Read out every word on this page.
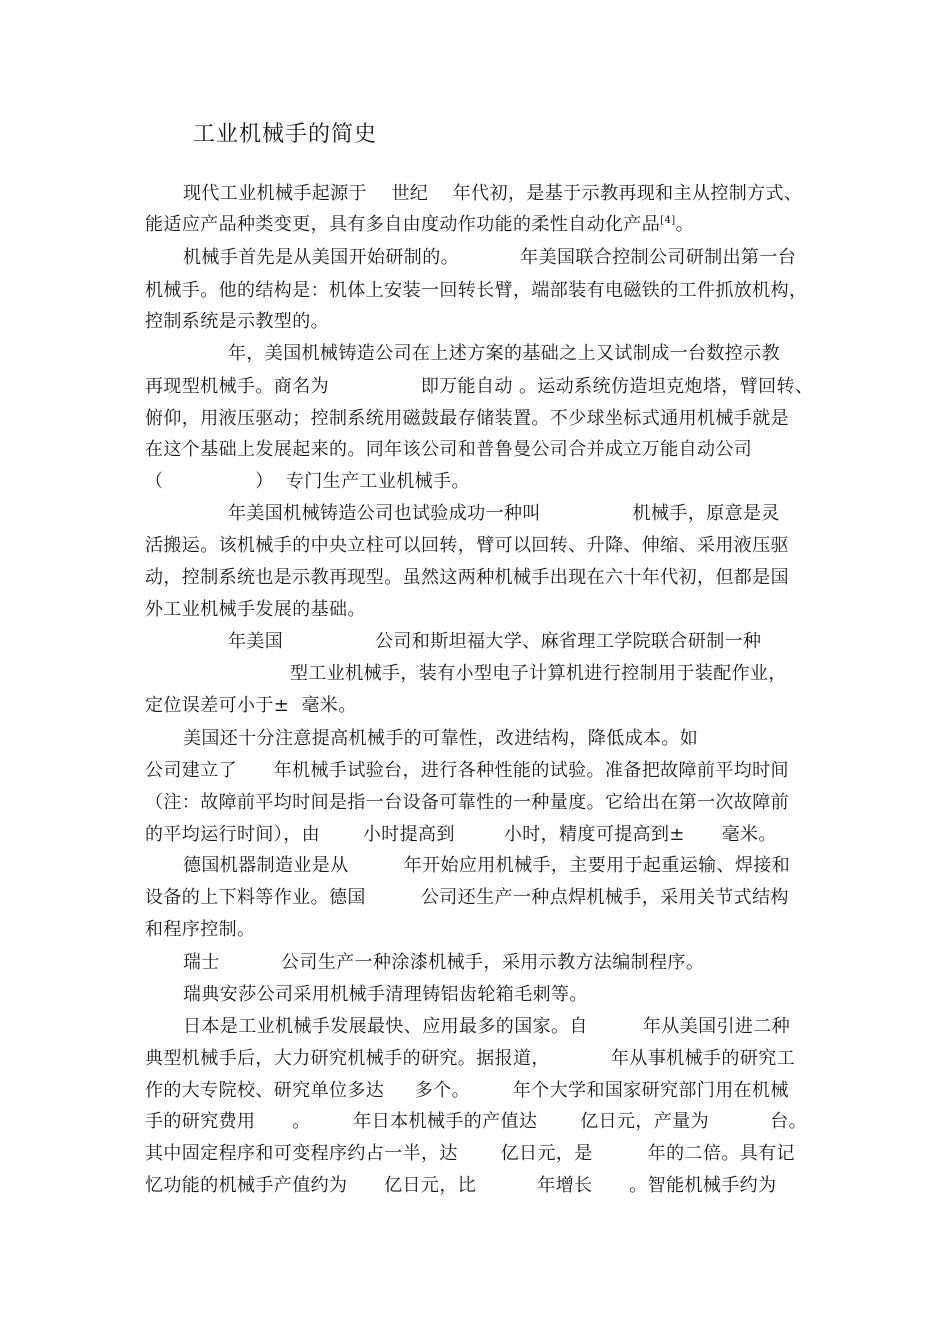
工业机械手的简史
现代工业机械手起源于    世纪    年代初，是基于示教再现和主从控制方式、
能适应产品种类变更，具有多自由度动作功能的柔性自动化产品[4]。
机械手首先是从美国开始研制的。          年美国联合控制公司研制出第一台
机械手。他的结构是：机体上安装一回转长臂，端部装有电磁铁的工件抓放机构，
控制系统是示教型的。
年，美国机械铸造公司在上述方案的基础之上又试制成一台数控示教
再现型机械手。商名为               即万能自动 。运动系统仿造坦克炮塔，臂回转、
俯仰，用液压驱动；控制系统用磁鼓最存储装置。不少球坐标式通用机械手就是
在这个基础上发展起来的。同年该公司和普鲁曼公司合并成立万能自动公司
（               ）  专门生产工业机械手。
年美国机械铸造公司也试验成功一种叫               机械手，原意是灵
活搬运。该机械手的中央立柱可以回转，臂可以回转、升降、伸缩、采用液压驱
动，控制系统也是示教再现型。虽然这两种机械手出现在六十年代初，但都是国
外工业机械手发展的基础。
年美国               公司和斯坦福大学、麻省理工学院联合研制一种
型工业机械手，装有小型电子计算机进行控制用于装配作业，
定位误差可小于±  毫米。
美国还十分注意提高机械手的可靠性，改进结构，降低成本。如
公司建立了      年机械手试验台，进行各种性能的试验。准备把故障前平均时间
（注：故障前平均时间是指一台设备可靠性的一种量度。它给出在第一次故障前
的平均运行时间），由       小时提高到        小时，精度可提高到±      毫米。
德国机器制造业是从         年开始应用机械手，主要用于起重运输、焊接和
设备的上下料等作业。德国         公司还生产一种点焊机械手，采用关节式结构
和程序控制。
瑞士          公司生产一种涂漆机械手，采用示教方法编制程序。
瑞典安莎公司采用机械手清理铸铝齿轮箱毛刺等。
日本是工业机械手发展最快、应用最多的国家。自         年从美国引进二种
典型机械手后，大力研究机械手的研究。据报道，          年从事机械手的研究工
作的大专院校、研究单位多达     多个。       年个大学和国家研究部门用在机械
手的研究费用      。       年日本机械手的产值达       亿日元，产量为          台。
其中固定程序和可变程序约占一半，达       亿日元，是         年的二倍。具有记
忆功能的机械手产值约为      亿日元，比          年增长      。智能机械手约为
